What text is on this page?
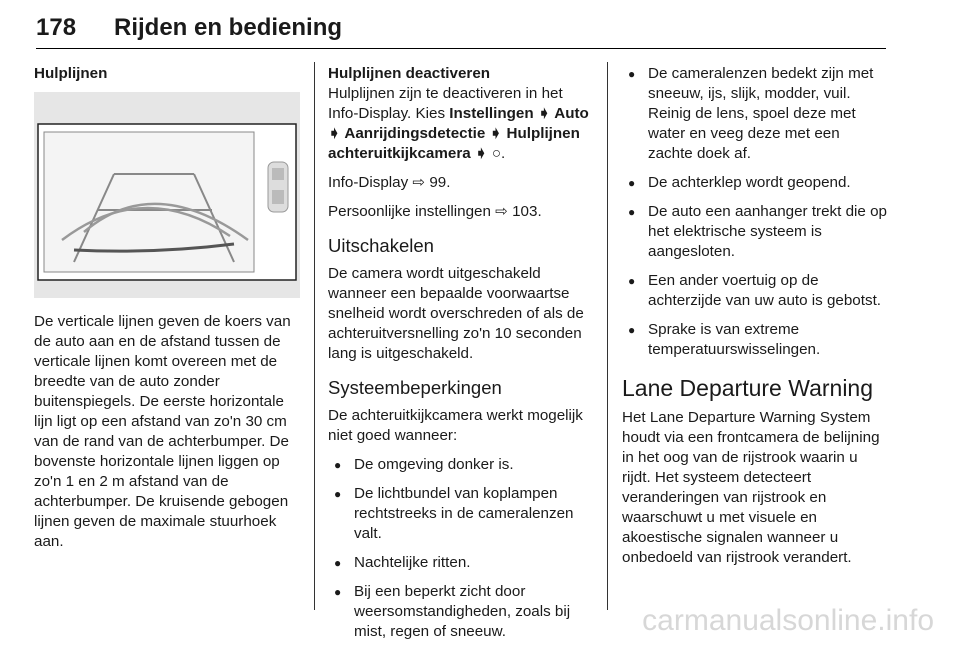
178 Rijden en bediening
Hulplijnen

De verticale lijnen geven de koers van de auto aan en de afstand tussen de verticale lijnen komt overeen met de breedte van de auto zonder buitenspiegels. De eerste horizontale lijn ligt op een afstand van zo'n 30 cm van de rand van de achterbumper. De bovenste horizontale lijnen liggen op zo'n 1 en 2 m afstand van de achterbumper. De kruisende gebogen lijnen geven de maximale stuurhoek aan.

Hulplijnen deactiveren

Hulplijnen zijn te deactiveren in het Info-Display. Kies Instellingen ➧ Auto ➧ Aanrijdingsdetectie ➧ Hulplijnen achteruitkijkcamera ➧ ○.

Info-Display ⇨ 99.

Persoonlijke instellingen ⇨ 103.

Uitschakelen

De camera wordt uitgeschakeld wanneer een bepaalde voorwaartse snelheid wordt overschreden of als de achteruitversnelling zo'n 10 seconden lang is uitgeschakeld.

Systeembeperkingen

De achteruitkijkcamera werkt mogelijk niet goed wanneer:

● De omgeving donker is.
● De lichtbundel van koplampen rechtstreeks in de cameralenzen valt.
● Nachtelijke ritten.
● Bij een beperkt zicht door weersomstandigheden, zoals bij mist, regen of sneeuw.
● De cameralenzen bedekt zijn met sneeuw, ijs, slijk, modder, vuil. Reinig de lens, spoel deze met water en veeg deze met een zachte doek af.
● De achterklep wordt geopend.
● De auto een aanhanger trekt die op het elektrische systeem is aangesloten.
● Een ander voertuig op de achterzijde van uw auto is gebotst.
● Sprake is van extreme temperatuurswisselingen.
Lane Departure Warning

Het Lane Departure Warning System houdt via een frontcamera de belijning in het oog van de rijstrook waarin u rijdt. Het systeem detecteert veranderingen van rijstrook en waarschuwt u met visuele en akoestische signalen wanneer u onbedoeld van rijstrook verandert.

carmanualsonline.info
